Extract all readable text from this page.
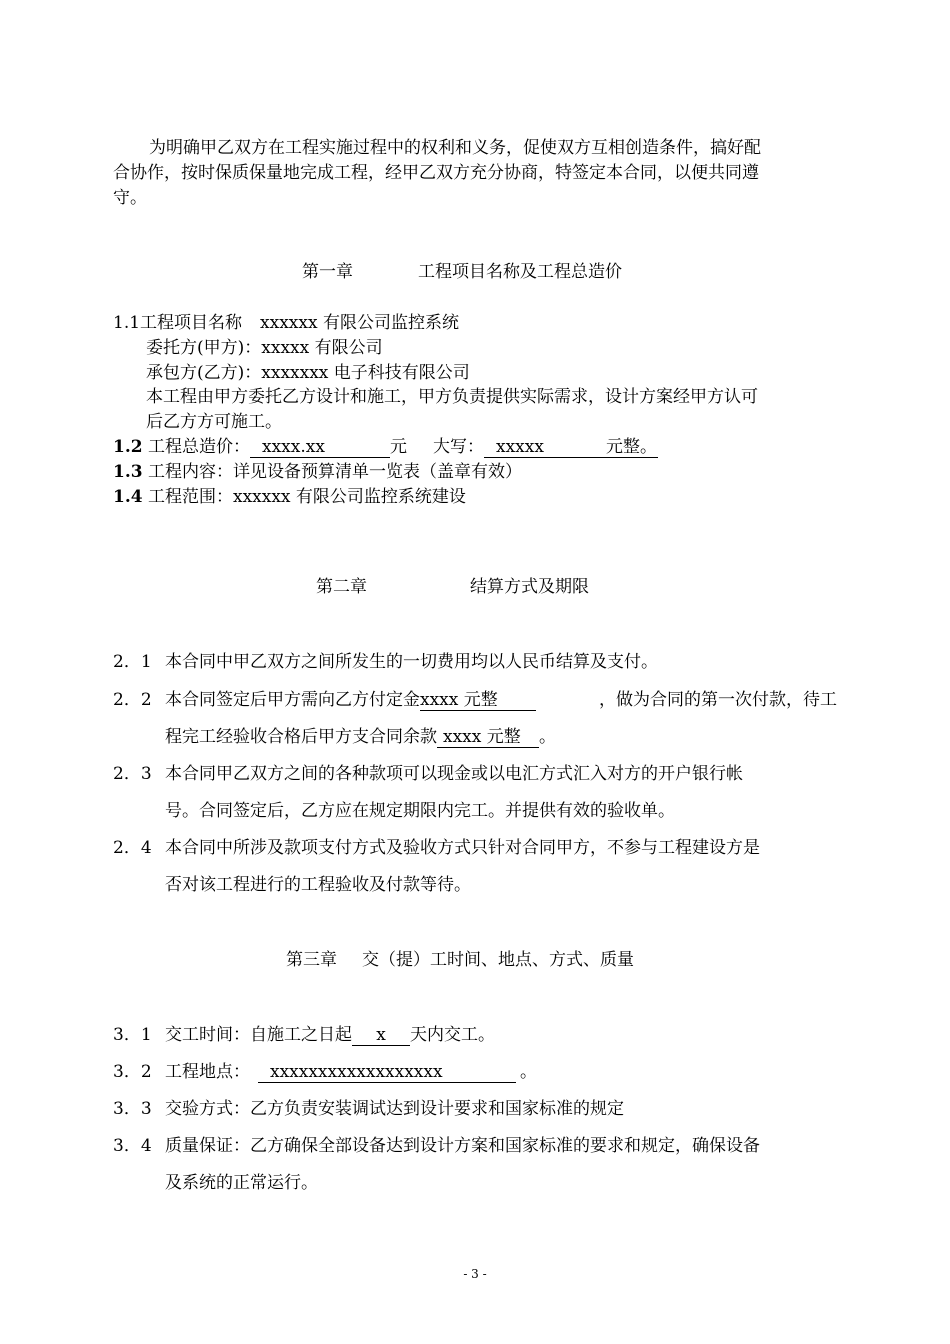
为明确甲乙双方在工程实施过程中的权利和义务，促使双方互相创造条件，搞好配
合协作，按时保质保量地完成工程，经甲乙双方充分协商，特签定本合同，以便共同遵
守。
第一章	工程项目名称及工程总造价
1.1工程项目名称 xxxxxx 有限公司监控系统
委托方(甲方)：xxxxx 有限公司
承包方(乙方)：xxxxxxx 电子科技有限公司
本工程由甲方委托乙方设计和施工，甲方负责提供实际需求，设计方案经甲方认可
后乙方方可施工。
1.2 工程总造价： xxxx.xx	元 大写： xxxxx	元整。
1.3 工程内容：详见设备预算清单一览表（盖章有效）
1.4 工程范围：xxxxxx 有限公司监控系统建设
第二章	结算方式及期限
2．1 本合同中甲乙双方之间所发生的一切费用均以人民币结算及支付。
2．2 本合同签定后甲方需向乙方付定金xxxx 元整	，做为合同的第一次付款，待工
程完工经验收合格后甲方支合同余款 xxxx 元整 。
2．3 本合同甲乙双方之间的各种款项可以现金或以电汇方式汇入对方的开户银行帐
号。合同签定后，乙方应在规定期限内完工。并提供有效的验收单。
2．4 本合同中所涉及款项支付方式及验收方式只针对合同甲方，不参与工程建设方是
否对该工程进行的工程验收及付款等待。
第三章 交（提）工时间、地点、方式、质量
3．1 交工时间：自施工之日起 x 天内交工。
3．2 工程地点： xxxxxxxxxxxxxxxxxx	。
3．3 交验方式：乙方负责安装调试达到设计要求和国家标准的规定
3．4 质量保证：乙方确保全部设备达到设计方案和国家标准的要求和规定，确保设备
及系统的正常运行。
- 3 -
